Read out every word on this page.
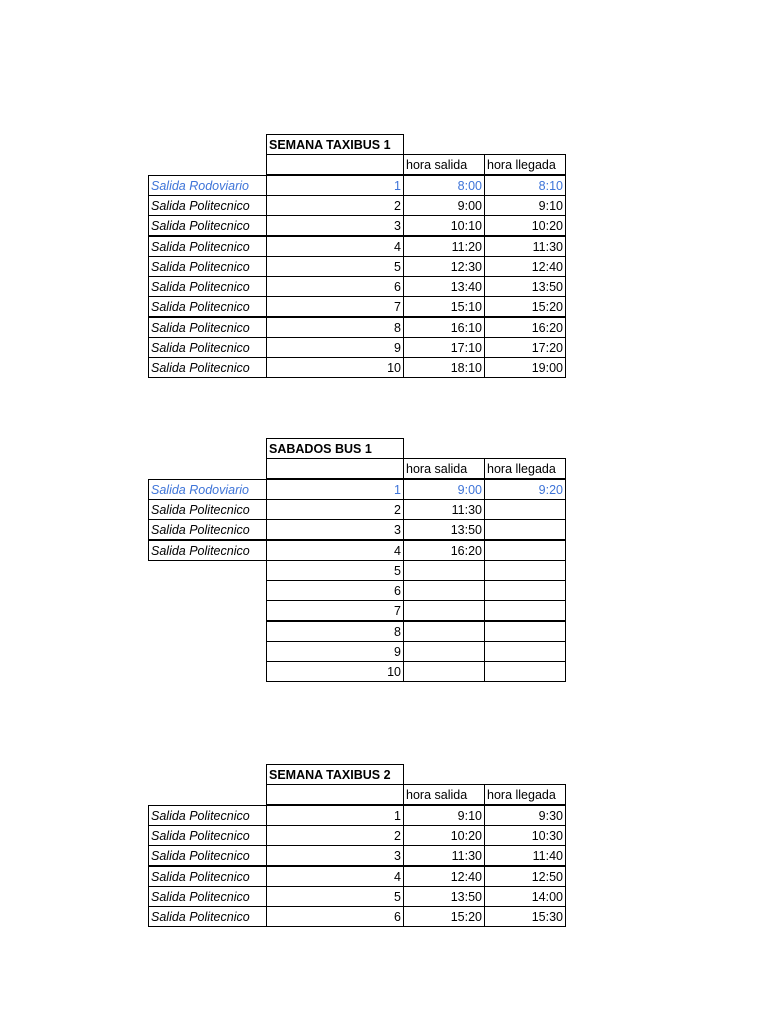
SEMANA TAXIBUS 1
hora salida	hora llegada
Salida Rodoviario	1	8:00	8:10
Salida Politecnico	2	9:00	9:10
Salida Politecnico	3	10:10	10:20
Salida Politecnico	4	11:20	11:30
Salida Politecnico	5	12:30	12:40
Salida Politecnico	6	13:40	13:50
Salida Politecnico	7	15:10	15:20
Salida Politecnico	8	16:10	16:20
Salida Politecnico	9	17:10	17:20
Salida Politecnico	10	18:10	19:00
SABADOS BUS 1
hora salida	hora llegada
Salida Rodoviario	1	9:00	9:20
Salida Politecnico	2	11:30
Salida Politecnico	3	13:50
Salida Politecnico	4	16:20
5
6
7
8
9
10
SEMANA TAXIBUS 2
hora salida	hora llegada
Salida Politecnico	1	9:10	9:30
Salida Politecnico	2	10:20	10:30
Salida Politecnico	3	11:30	11:40
Salida Politecnico	4	12:40	12:50
Salida Politecnico	5	13:50	14:00
Salida Politecnico	6	15:20	15:30
